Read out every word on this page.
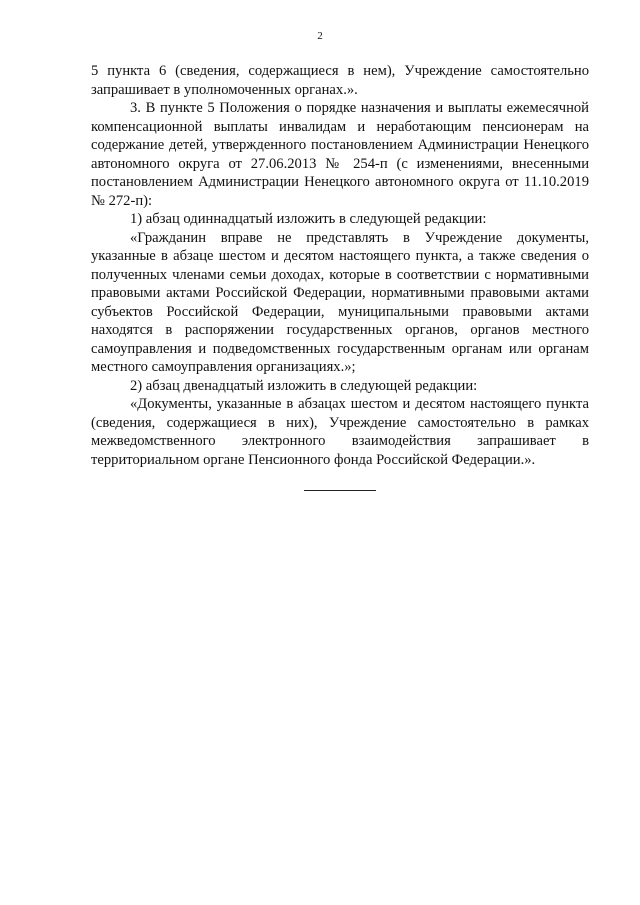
2

5 пункта 6 (сведения, содержащиеся в нем), Учреждение самостоятельно запрашивает в уполномоченных органах.».

3. В пункте 5 Положения о порядке назначения и выплаты ежемесячной компенсационной выплаты инвалидам и неработающим пенсионерам на содержание детей, утвержденного постановлением Администрации Ненецкого автономного округа от 27.06.2013 № 254-п (с изменениями, внесенными постановлением Администрации Ненецкого автономного округа от 11.10.2019 № 272-п):

1) абзац одиннадцатый изложить в следующей редакции:

«Гражданин вправе не представлять в Учреждение документы, указанные в абзаце шестом и десятом настоящего пункта, а также сведения о полученных членами семьи доходах, которые в соответствии с нормативными правовыми актами Российской Федерации, нормативными правовыми актами субъектов Российской Федерации, муниципальными правовыми актами находятся в распоряжении государственных органов, органов местного самоуправления и подведомственных государственным органам или органам местного самоуправления организациях.»;

2) абзац двенадцатый изложить в следующей редакции:

«Документы, указанные в абзацах шестом и десятом настоящего пункта (сведения, содержащиеся в них), Учреждение самостоятельно в рамках межведомственного электронного взаимодействия запрашивает в территориальном органе Пенсионного фонда Российской Федерации.».
